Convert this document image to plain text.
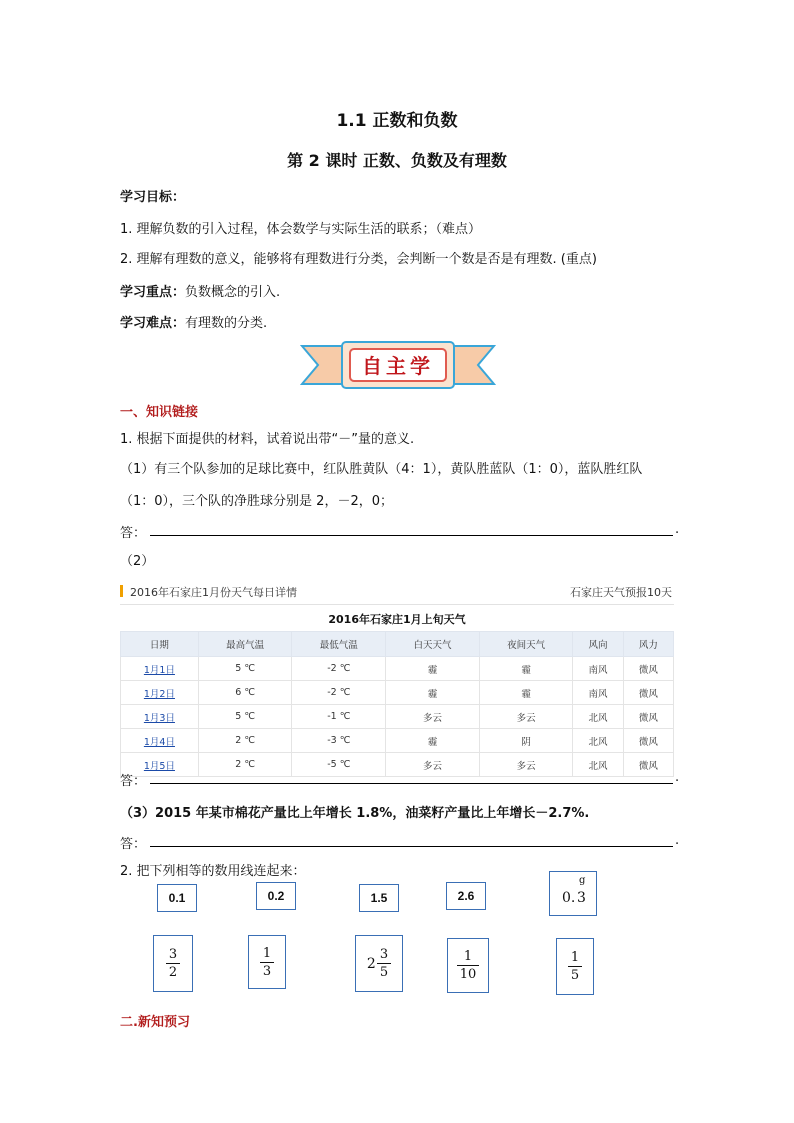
1.1 正数和负数
第 2 课时 正数、负数及有理数
学习目标：
1. 理解负数的引入过程，体会数学与实际生活的联系；（难点）
2. 理解有理数的意义，能够将有理数进行分类，会判断一个数是否是有理数. (重点)
学习重点：负数概念的引入.
学习难点：有理数的分类.
自主学
一、知识链接
1. 根据下面提供的材料，试着说出带“－”量的意义.
（1）有三个队参加的足球比赛中，红队胜黄队（4：1），黄队胜蓝队（1：0），蓝队胜红队
（1：0），三个队的净胜球分别是 2，－2，0；
答：	.
（2）
2016年石家庄1月份天气每日详情	石家庄天气预报10天
2016年石家庄1月上旬天气
日期	最高气温	最低气温	白天天气	夜间天气	风向	风力
1月1日	5 ℃	-2 ℃	霾	霾	南风	微风
1月2日	6 ℃	-2 ℃	霾	霾	南风	微风
1月3日	5 ℃	-1 ℃	多云	多云	北风	微风
1月4日	2 ℃	-3 ℃	霾	阴	北风	微风
1月5日	2 ℃	-5 ℃	多云	多云	北风	微风
答：	.
（3）2015 年某市棉花产量比上年增长 1.8%，油菜籽产量比上年增长－2.7%.
答：	.
2. 把下列相等的数用线连起来：
0.1	0.2	1.5	2.6	0. 3
g
$\frac{3}{2}$	$\frac{1}{3}$	$2 \frac{3}{5}$	$\frac{1}{10}$	$\frac{1}{5}$
二.新知预习
